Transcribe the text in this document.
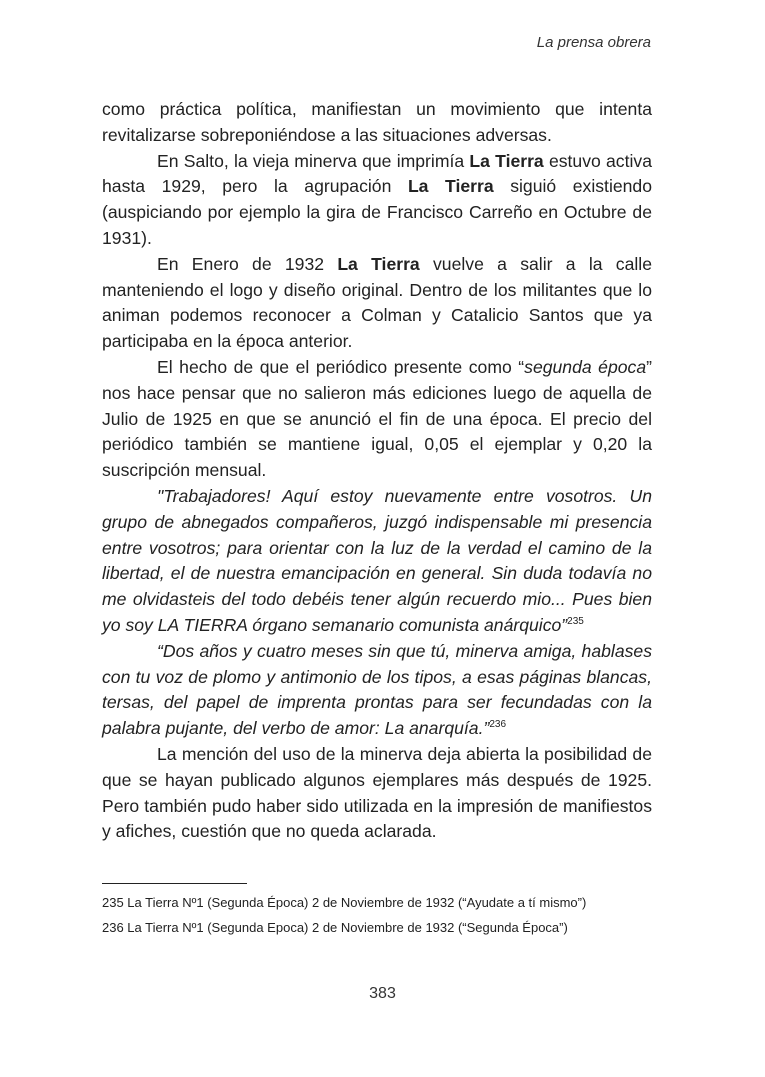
La prensa obrera

como práctica política, manifiestan un movimiento que intenta revitalizarse sobreponiéndose a las situaciones adversas.

En Salto, la vieja minerva que imprimía La Tierra estuvo activa hasta 1929, pero la agrupación La Tierra siguió existiendo (auspiciando por ejemplo la gira de Francisco Carreño en Octubre de 1931).

En Enero de 1932 La Tierra vuelve a salir a la calle manteniendo el logo y diseño original. Dentro de los militantes que lo animan podemos reconocer a Colman y Catalicio Santos que ya participaba en la época anterior.

El hecho de que el periódico presente como “segunda época” nos hace pensar que no salieron más ediciones luego de aquella de Julio de 1925 en que se anunció el fin de una época. El precio del periódico también se mantiene igual, 0,05 el ejemplar y 0,20 la suscripción mensual.

"Trabajadores! Aquí estoy nuevamente entre vosotros. Un grupo de abnegados compañeros, juzgó indispensable mi presencia entre vosotros; para orientar con la luz de la verdad el camino de la libertad, el de nuestra emancipación en general. Sin duda todavía no me olvidasteis del todo debéis tener algún recuerdo mio... Pues bien yo soy LA TIERRA órgano semanario comunista anárquico”$^{235}$

“Dos años y cuatro meses sin que tú, minerva amiga, hablases con tu voz de plomo y antimonio de los tipos, a esas páginas blancas, tersas, del papel de imprenta prontas para ser fecundadas con la palabra pujante, del verbo de amor: La anarquía.”$^{236}$

La mención del uso de la minerva deja abierta la posibilidad de que se hayan publicado algunos ejemplares más después de 1925. Pero también pudo haber sido utilizada en la impresión de manifiestos y afiches, cuestión que no queda aclarada.

235 La Tierra Nº1 (Segunda Época) 2 de Noviembre de 1932 (“Ayudate a tí mismo”)
236 La Tierra Nº1 (Segunda Epoca) 2 de Noviembre de 1932 (“Segunda Época”)
383
